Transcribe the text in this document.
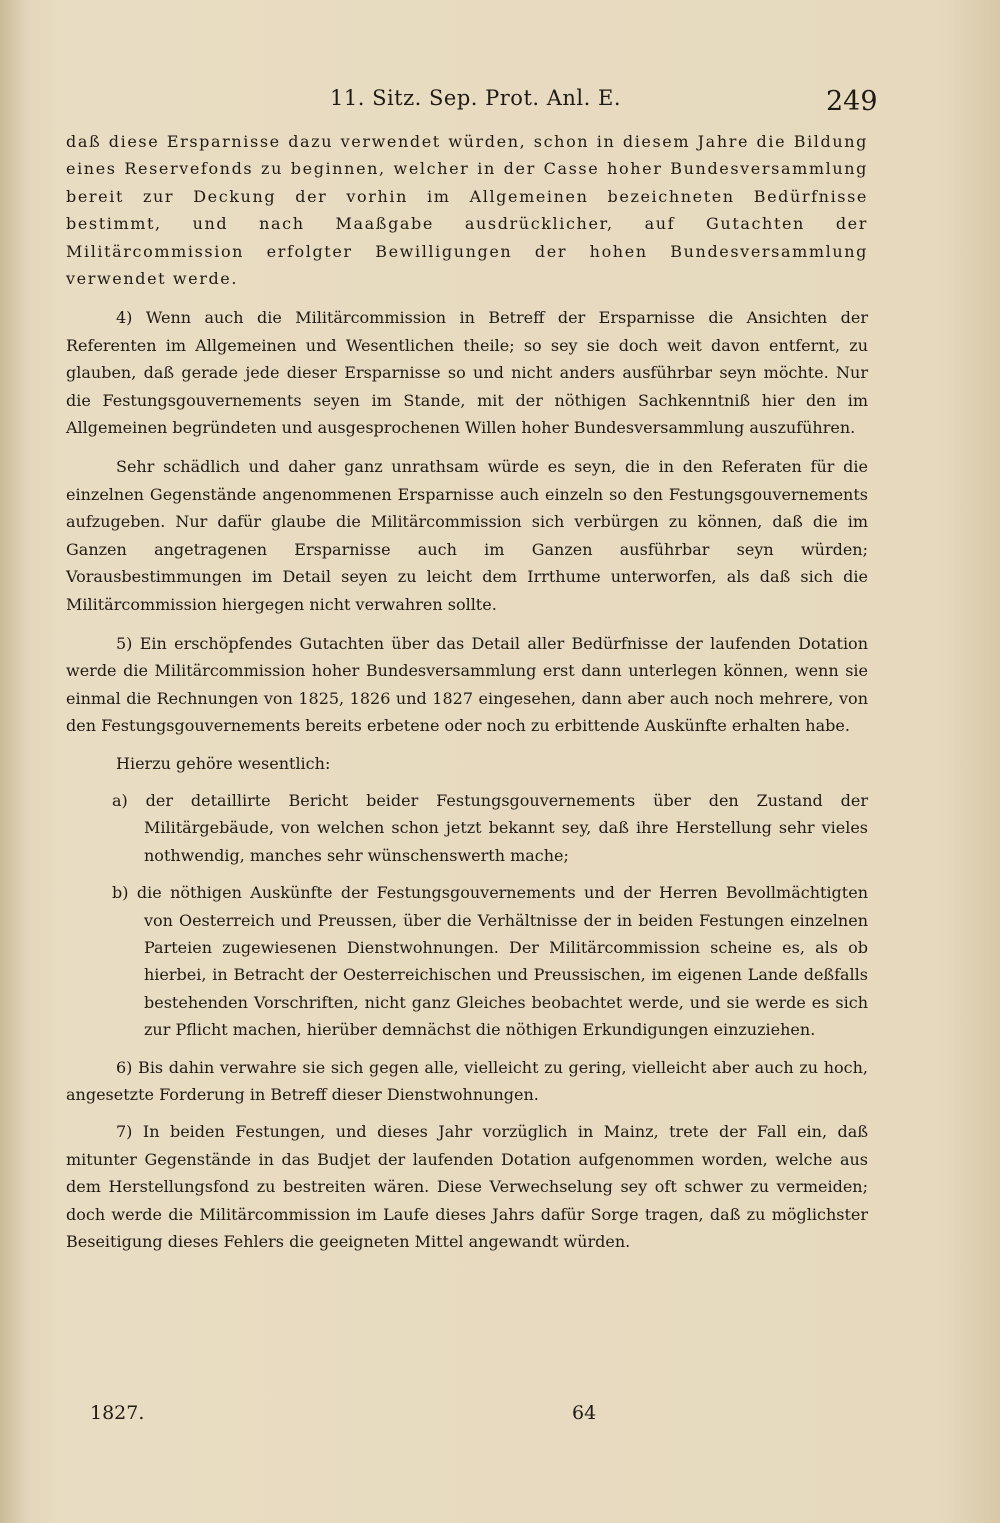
11. Sitz. Sep. Prot. Anl. E.	249

daß diese Ersparnisse dazu verwendet würden, schon in diesem Jahre die Bildung eines Reservefonds zu beginnen, welcher in der Casse hoher Bundesversammlung bereit zur Deckung der vorhin im Allgemeinen bezeichneten Bedürfnisse bestimmt, und nach Maaßgabe ausdrücklicher, auf Gutachten der Militärcommission erfolgter Bewilligungen der hohen Bundesversammlung verwendet werde.

4) Wenn auch die Militärcommission in Betreff der Ersparnisse die Ansichten der Referenten im Allgemeinen und Wesentlichen theile; so sey sie doch weit davon entfernt, zu glauben, daß gerade jede dieser Ersparnisse so und nicht anders ausführbar seyn möchte. Nur die Festungsgouvernements seyen im Stande, mit der nöthigen Sachkenntniß hier den im Allgemeinen begründeten und ausgesprochenen Willen hoher Bundesversammlung auszuführen.

Sehr schädlich und daher ganz unrathsam würde es seyn, die in den Referaten für die einzelnen Gegenstände angenommenen Ersparnisse auch einzeln so den Festungsgouvernements aufzugeben. Nur dafür glaube die Militärcommission sich verbürgen zu können, daß die im Ganzen angetragenen Ersparnisse auch im Ganzen ausführbar seyn würden; Vorausbestimmungen im Detail seyen zu leicht dem Irrthume unterworfen, als daß sich die Militärcommission hiergegen nicht verwahren sollte.

5) Ein erschöpfendes Gutachten über das Detail aller Bedürfnisse der laufenden Dotation werde die Militärcommission hoher Bundesversammlung erst dann unterlegen können, wenn sie einmal die Rechnungen von 1825, 1826 und 1827 eingesehen, dann aber auch noch mehrere, von den Festungsgouvernements bereits erbetene oder noch zu erbittende Auskünfte erhalten habe.

Hierzu gehöre wesentlich:

a) der detaillirte Bericht beider Festungsgouvernements über den Zustand der Militärgebäude, von welchen schon jetzt bekannt sey, daß ihre Herstellung sehr vieles nothwendig, manches sehr wünschenswerth mache;

b) die nöthigen Auskünfte der Festungsgouvernements und der Herren Bevollmächtigten von Oesterreich und Preussen, über die Verhältnisse der in beiden Festungen einzelnen Parteien zugewiesenen Dienstwohnungen. Der Militärcommission scheine es, als ob hierbei, in Betracht der Oesterreichischen und Preussischen, im eigenen Lande deßfalls bestehenden Vorschriften, nicht ganz Gleiches beobachtet werde, und sie werde es sich zur Pflicht machen, hierüber demnächst die nöthigen Erkundigungen einzuziehen.

6) Bis dahin verwahre sie sich gegen alle, vielleicht zu gering, vielleicht aber auch zu hoch, angesetzte Forderung in Betreff dieser Dienstwohnungen.

7) In beiden Festungen, und dieses Jahr vorzüglich in Mainz, trete der Fall ein, daß mitunter Gegenstände in das Budjet der laufenden Dotation aufgenommen worden, welche aus dem Herstellungsfond zu bestreiten wären. Diese Verwechselung sey oft schwer zu vermeiden; doch werde die Militärcommission im Laufe dieses Jahrs dafür Sorge tragen, daß zu möglichster Beseitigung dieses Fehlers die geeigneten Mittel angewandt würden.

1827.	64
